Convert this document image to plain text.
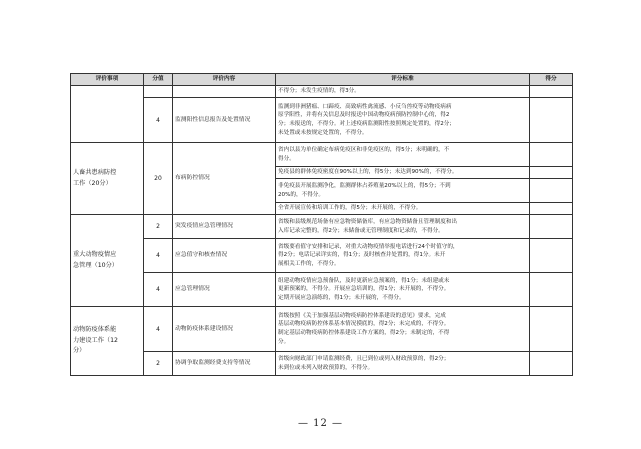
评价事项	分值	评价内容	评分标准	得分

			不得分；未发生疫情的，得3分。	

	4	监测阳性信息报告及处置情况	监测到非洲猪瘟、口蹄疫、高致病性禽流感、小反刍兽疫等动物疫病病
原学阳性，并将有关信息及时报送中国动物疫病预防控制中心的，得2
分；未报送的，不得分。对上述疫病监测阳性按照规定处置的，得2分；
未处置或未按规定处置的，不得分。	

人畜共患病防控
工作（20分）	20	布病防控情况	省内以县为单位确定布病免疫区和非免疫区的，得5分；未明确的，不
得分。	

			免疫县的群体免疫密度在90%以上的，得5分；未达到90%的，不得分。	

			非免疫县开展监测净化，监测群体占养殖量20%以上的，得5分；不到
20%的，不得分。	

			全省开展宣传和培训工作的，得5分；未开展的，不得分。	

重大动物疫情应
急管理（10分）	2	突发疫情应急管理情况	省级和县级规范场备有应急物资储备库，有应急物资储备且管理制度和出
入库记录完整的，得2分；未储备或无管理制度和记录的，不得分。	

	4	应急值守和核查情况	省级要看值守安排和记录，对重大动物疫情举报电话进行24个时值守的，
得2分；电话记录详实的，得1分；及时核查并处置的，得1分。未开
展相关工作的，不得分。	

	4	应急管理情况	组建动物疫情应急预备队，及时更新应急预案的，得1分；未组建或未
更新预案的，不得分。开展应急培训的，得1分；未开展的，不得分。
定期开展应急演练的，得1分；未开展的，不得分。	

动物防疫体系能
力建设工作（12
分）	4	动物防疫体系建设情况	省级按照《关于加强基层动物疫病防控体系建设的意见》要求，完成
基层动物疫病防控体系基本情况摸底的，得2分；未完成的，不得分。
制定基层动物疫病防控体系建设工作方案的，得2分；未制定的，不得
分。	

	2	协调争取监测经费支持等情况	省级向财政部门申请监测经费，且已到位或列入财政预算的，得2分；
未到位或未列入财政预算的，不得分。	

— 12 —
